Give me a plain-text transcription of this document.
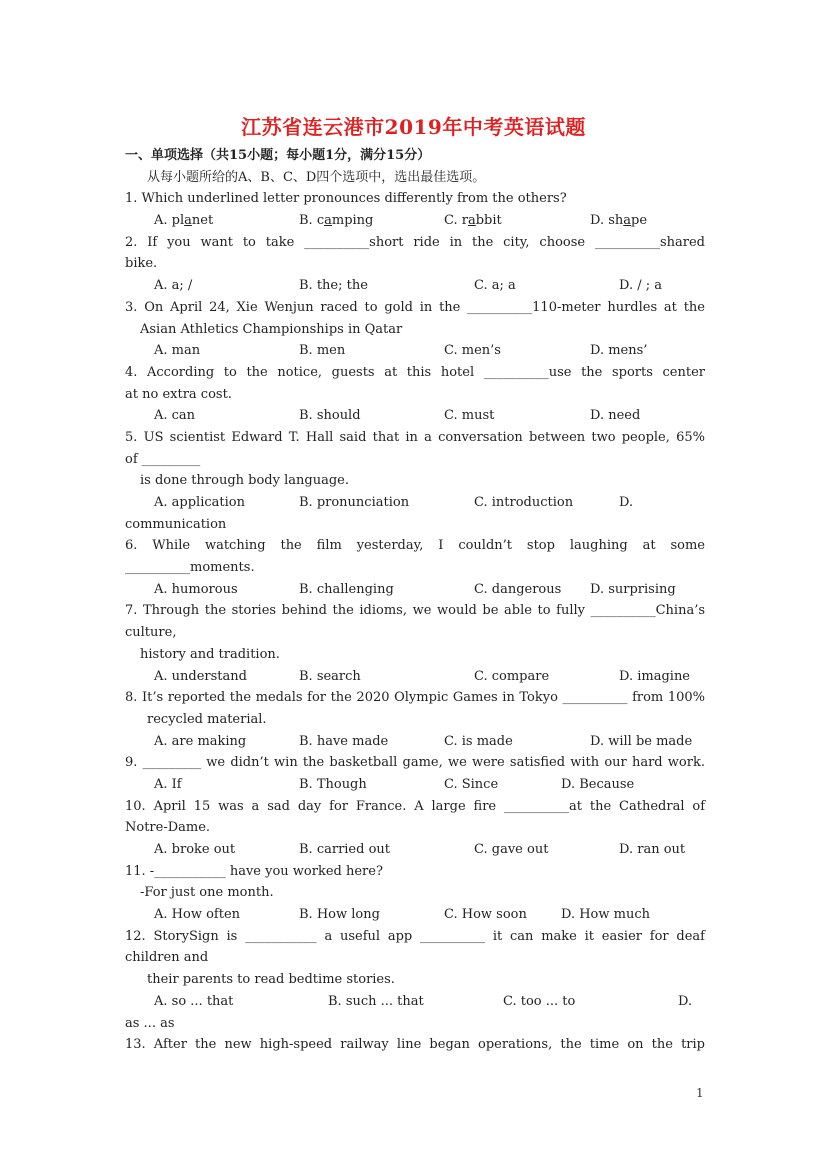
江苏省连云港市2019年中考英语试题
一、单项选择（共15小题；每小题1分，满分15分）
从每小题所给的A、B、C、D四个选项中，选出最佳选项。
1. Which underlined letter pronounces differently from the others?
A. planet	B. camping	C. rabbit	D. shape
2. If you want to take __________short ride in the city, choose __________shared
bike.
A. a; /	B. the; the	C. a; a	D. / ; a
3. On April 24, Xie Wenjun raced to gold in the __________110-meter hurdles at the
Asian Athletics Championships in Qatar
A. man	B. men	C. men’s	D. mens’
4. According to the notice, guests at this hotel __________use the sports center
at no extra cost.
A. can	B. should	C. must	D. need
5. US scientist Edward T. Hall said that in a conversation between two people, 65%
of _________
is done through body language.
A. application	B. pronunciation	C. introduction	D.
communication
6. While watching the film yesterday, I couldn’t stop laughing at some
__________moments.
A. humorous	B. challenging	C. dangerous D. surprising
7. Through the stories behind the idioms, we would be able to fully __________China’s
culture,
history and tradition.
A. understand	B. search	C. compare	D. imagine
8. It’s reported the medals for the 2020 Olympic Games in Tokyo __________ from 100%
recycled material.
A. are making	B. have made	C. is made	D. will be made
9. _________ we didn’t win the basketball game, we were satisfied with our hard work.
A. If	B. Though	C. Since	D. Because
10. April 15 was a sad day for France. A large fire __________at the Cathedral of
Notre-Dame.
A. broke out	B. carried out	C. gave out	D. ran out
11. -___________ have you worked here?
-For just one month.
A. How often	B. How long	C. How soon	D. How much
12. StorySign is ___________ a useful app __________ it can make it easier for deaf
children and
their parents to read bedtime stories.
A. so ... that	B. such ... that	C. too ... to	D.
as ... as
13. After the new high-speed railway line began operations, the time on the trip
1
